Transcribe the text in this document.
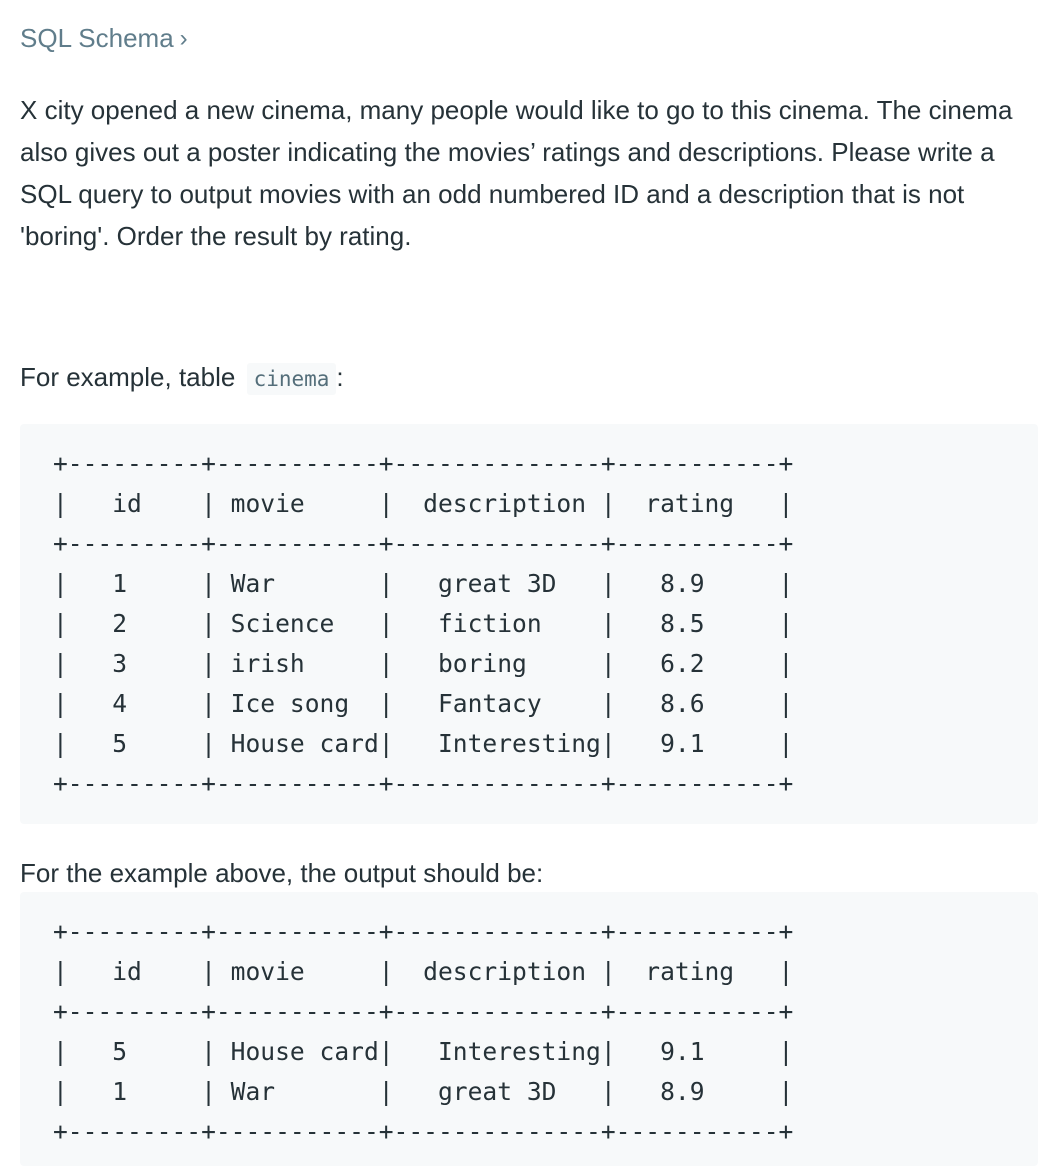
SQL Schema ›

X city opened a new cinema, many people would like to go to this cinema. The cinema also gives out a poster indicating the movies’ ratings and descriptions. Please write a SQL query to output movies with an odd numbered ID and a description that is not 'boring'. Order the result by rating.

For example, table cinema :

+---------+-----------+--------------+-----------+
|   id    | movie     |  description |  rating   |
+---------+-----------+--------------+-----------+
|   1     | War       |   great 3D   |   8.9     |
|   2     | Science   |   fiction    |   8.5     |
|   3     | irish     |   boring     |   6.2     |
|   4     | Ice song  |   Fantacy    |   8.6     |
|   5     | House card|   Interesting|   9.1     |
+---------+-----------+--------------+-----------+

For the example above, the output should be:

+---------+-----------+--------------+-----------+
|   id    | movie     |  description |  rating   |
+---------+-----------+--------------+-----------+
|   5     | House card|   Interesting|   9.1     |
|   1     | War       |   great 3D   |   8.9     |
+---------+-----------+--------------+-----------+
